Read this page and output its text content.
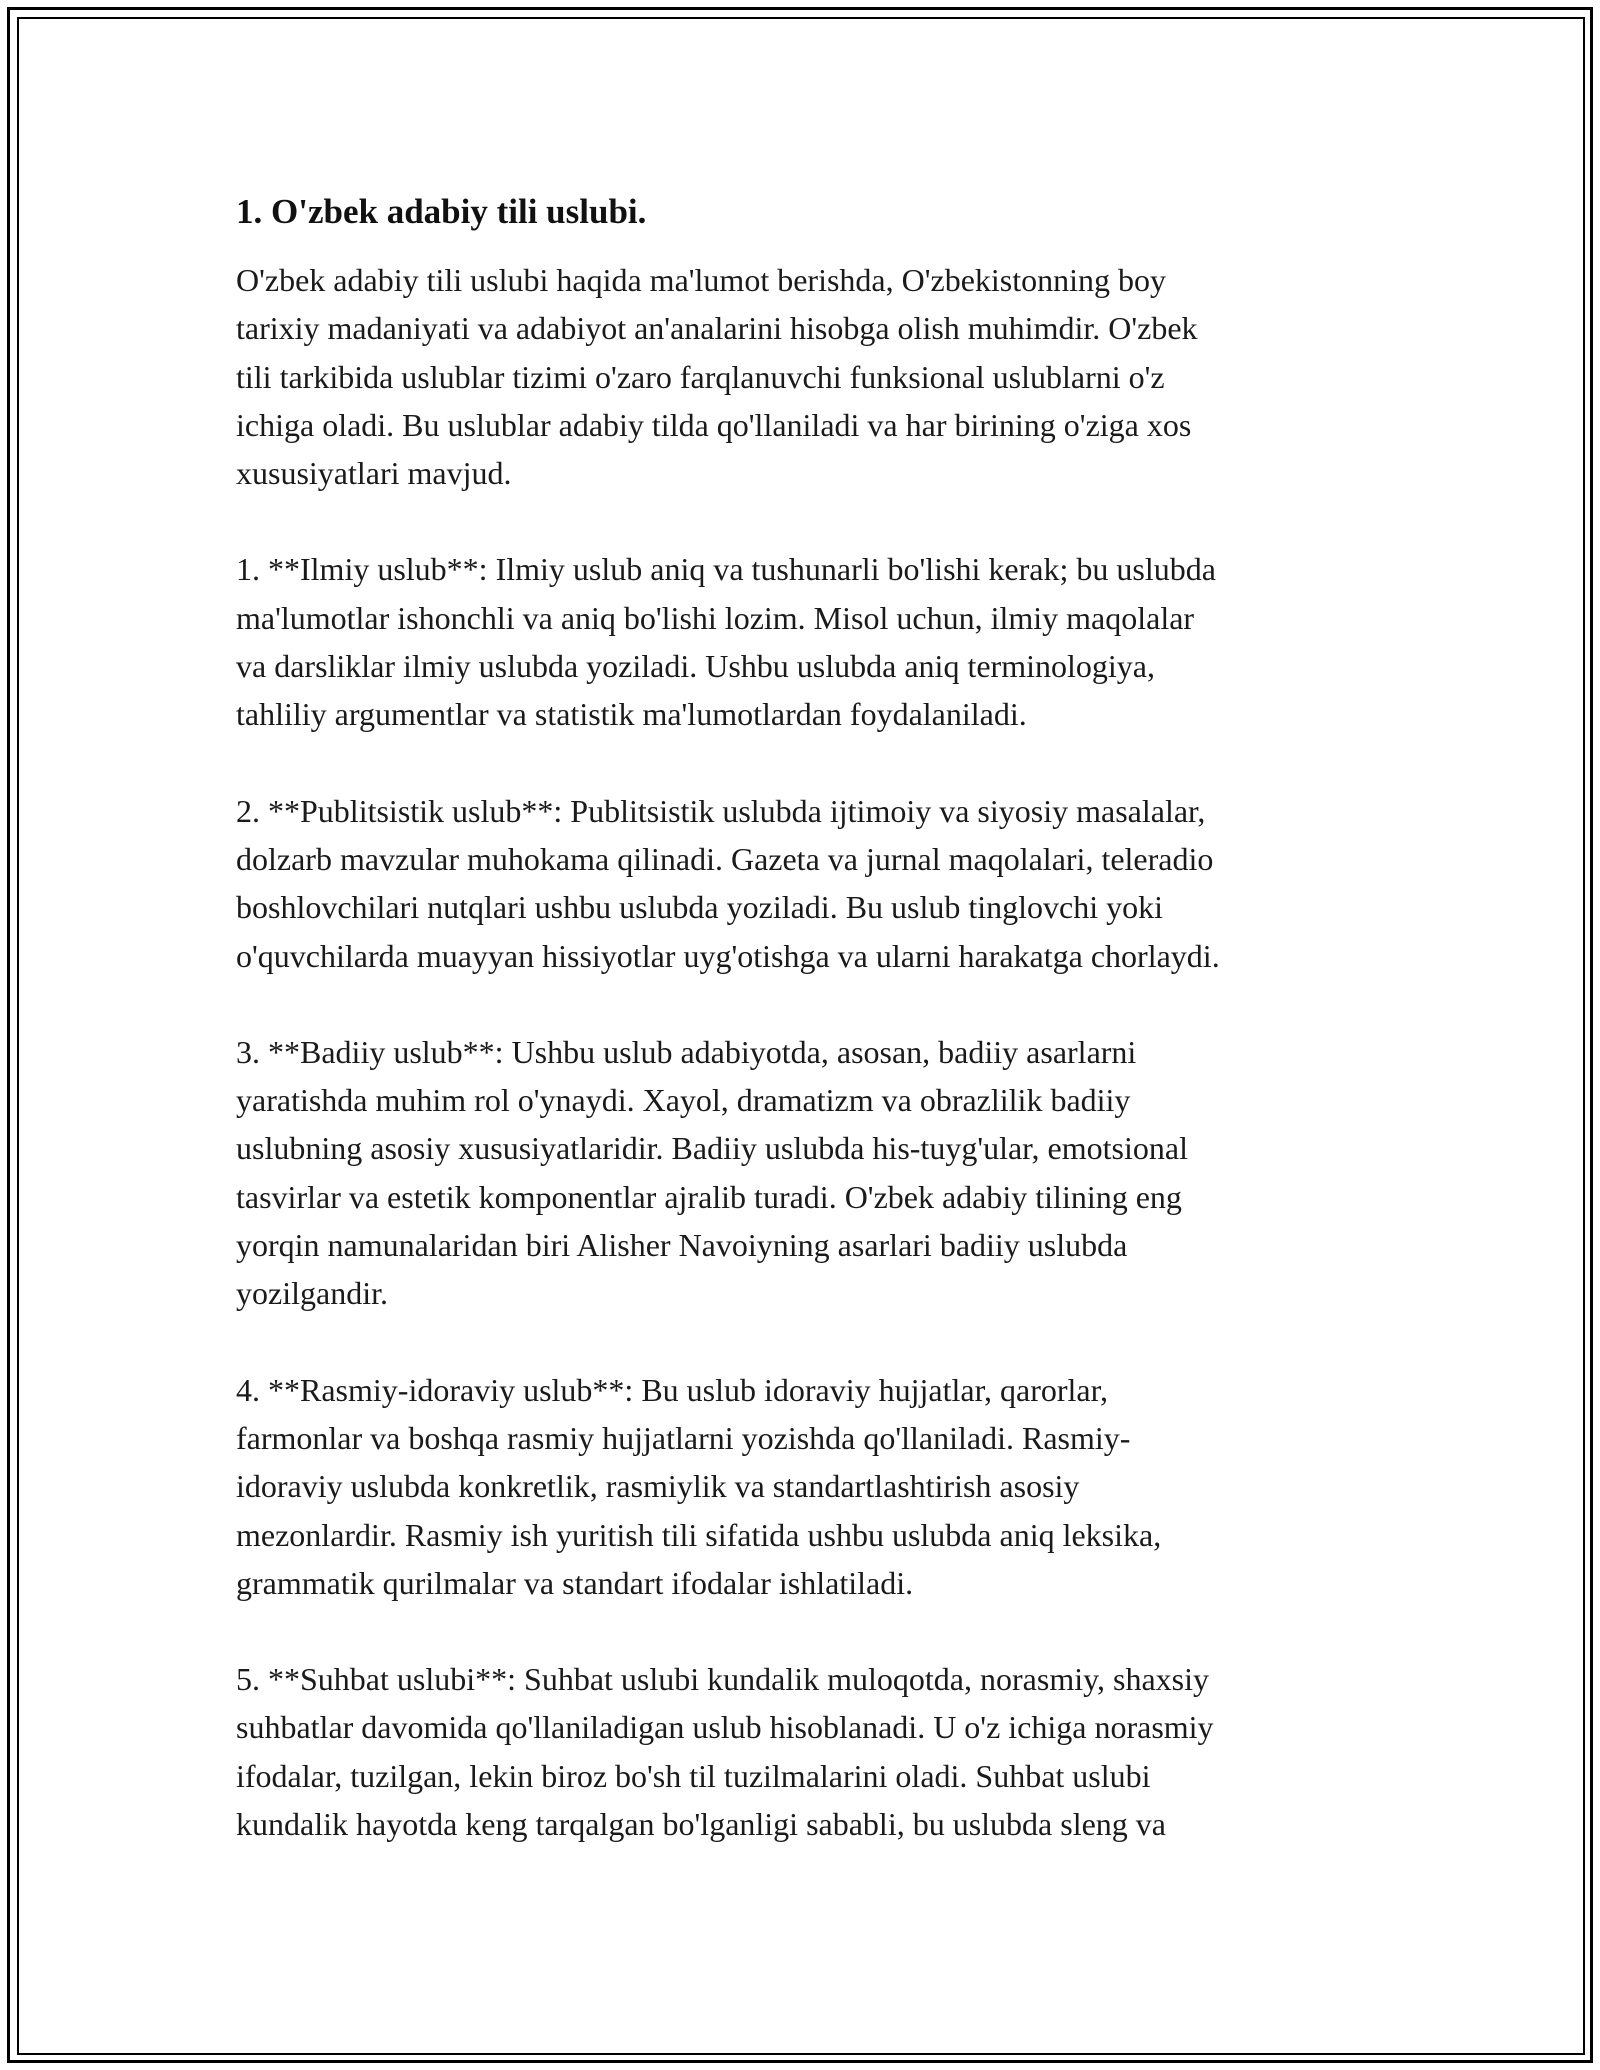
1. O'zbek adabiy tili uslubi.

O'zbek adabiy tili uslubi haqida ma'lumot berishda, O'zbekistonning boy
tarixiy madaniyati va adabiyot an'analarini hisobga olish muhimdir. O'zbek
tili tarkibida uslublar tizimi o'zaro farqlanuvchi funksional uslublarni o'z
ichiga oladi. Bu uslublar adabiy tilda qo'llaniladi va har birining o'ziga xos
xususiyatlari mavjud.

1. **Ilmiy uslub**: Ilmiy uslub aniq va tushunarli bo'lishi kerak; bu uslubda
ma'lumotlar ishonchli va aniq bo'lishi lozim. Misol uchun, ilmiy maqolalar
va darsliklar ilmiy uslubda yoziladi. Ushbu uslubda aniq terminologiya,
tahliliy argumentlar va statistik ma'lumotlardan foydalaniladi.

2. **Publitsistik uslub**: Publitsistik uslubda ijtimoiy va siyosiy masalalar,
dolzarb mavzular muhokama qilinadi. Gazeta va jurnal maqolalari, teleradio
boshlovchilari nutqlari ushbu uslubda yoziladi. Bu uslub tinglovchi yoki
o'quvchilarda muayyan hissiyotlar uyg'otishga va ularni harakatga chorlaydi.

3. **Badiiy uslub**: Ushbu uslub adabiyotda, asosan, badiiy asarlarni
yaratishda muhim rol o'ynaydi. Xayol, dramatizm va obrazlilik badiiy
uslubning asosiy xususiyatlaridir. Badiiy uslubda his-tuyg'ular, emotsional
tasvirlar va estetik komponentlar ajralib turadi. O'zbek adabiy tilining eng
yorqin namunalaridan biri Alisher Navoiyning asarlari badiiy uslubda
yozilgandir.

4. **Rasmiy-idoraviy uslub**: Bu uslub idoraviy hujjatlar, qarorlar,
farmonlar va boshqa rasmiy hujjatlarni yozishda qo'llaniladi. Rasmiy-
idoraviy uslubda konkretlik, rasmiylik va standartlashtirish asosiy
mezonlardir. Rasmiy ish yuritish tili sifatida ushbu uslubda aniq leksika,
grammatik qurilmalar va standart ifodalar ishlatiladi.

5. **Suhbat uslubi**: Suhbat uslubi kundalik muloqotda, norasmiy, shaxsiy
suhbatlar davomida qo'llaniladigan uslub hisoblanadi. U o'z ichiga norasmiy
ifodalar, tuzilgan, lekin biroz bo'sh til tuzilmalarini oladi. Suhbat uslubi
kundalik hayotda keng tarqalgan bo'lganligi sababli, bu uslubda sleng va
